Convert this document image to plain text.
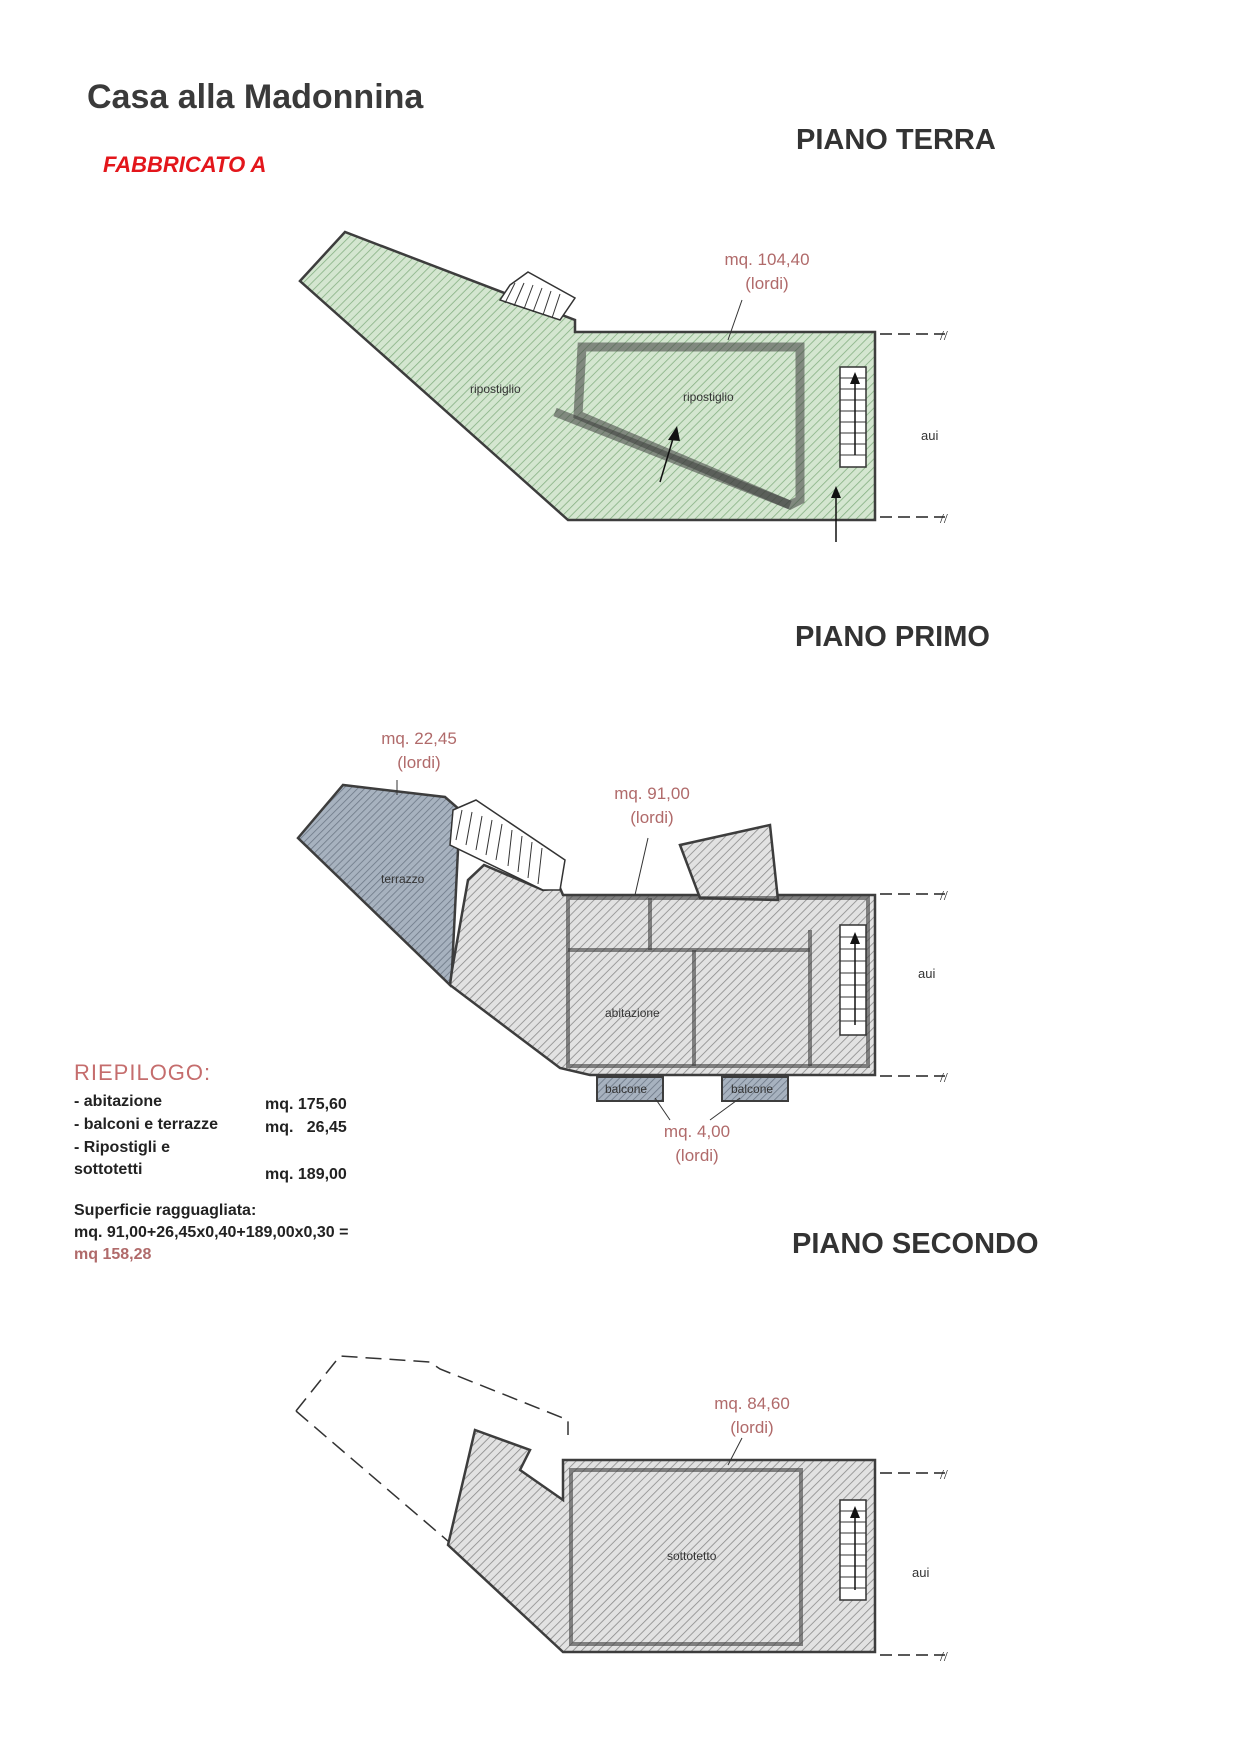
//
//
//
//
//
//
Casa alla Madonnina
FABBRICATO A
PIANO TERRA
mq. 104,40
(lordi)
ripostiglio
ripostiglio
aui
PIANO PRIMO
mq. 22,45
(lordi)
mq. 91,00
(lordi)
mq. 4,00
(lordi)
terrazzo
abitazione
balcone	balcone
aui
RIEPILOGO:
- abitazione	mq. 175,60
- balconi e terrazze	mq.   26,45
- Ripostigli e
sottotetti	mq. 189,00
Superficie ragguagliata:
mq. 91,00+26,45x0,40+189,00x0,30 =
mq 158,28	PIANO SECONDO
mq. 84,60
(lordi)
sottotetto
aui
